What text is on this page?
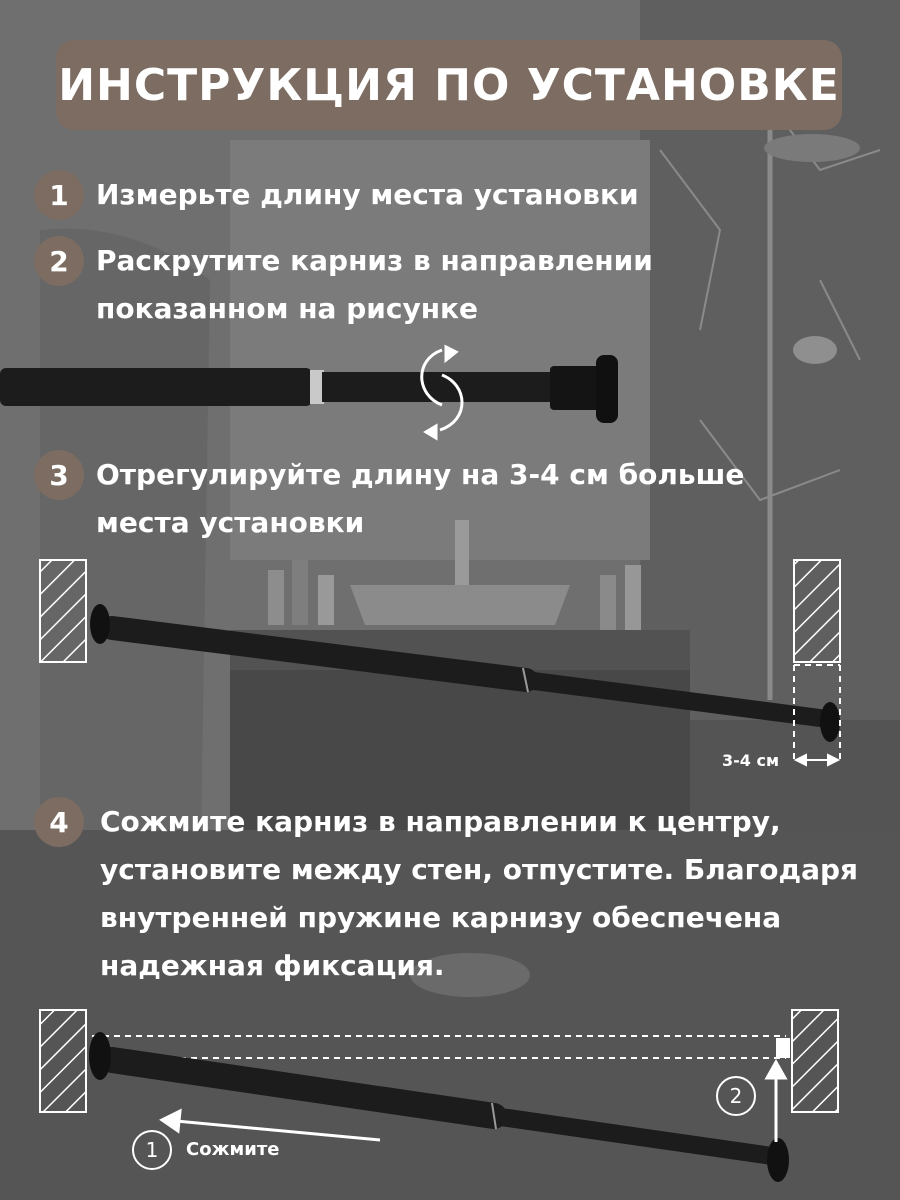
ИНСТРУКЦИЯ ПО УСТАНОВКЕ
1 Измерьте длину места установки
2 Раскрутите карниз в направлении
показанном на рисунке
3 Отрегулируйте длину на 3-4 см больше
места установки
3-4 см
4	Сожмите карниз в направлении к центру,
установите между стен, отпустите. Благодаря
внутренней пружине карнизу обеспечена
надежная фиксация.
1	Сожмите
2
